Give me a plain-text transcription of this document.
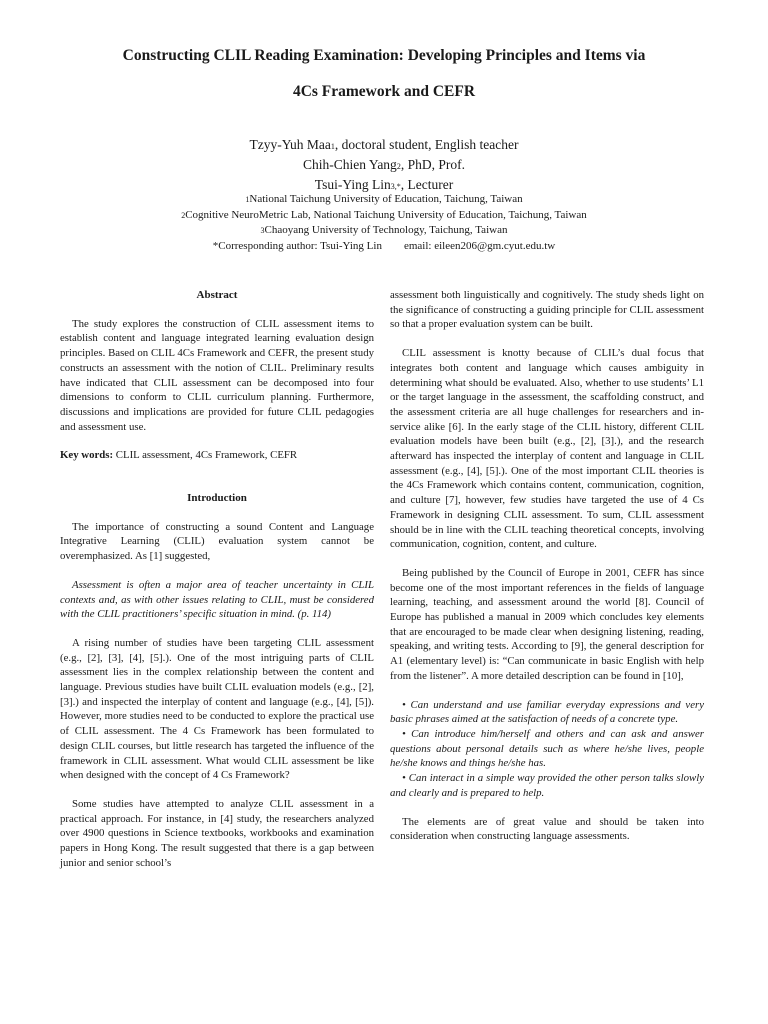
Constructing CLIL Reading Examination: Developing Principles and Items via
4Cs Framework and CEFR
Tzyy-Yuh Maa1, doctoral student, English teacher
Chih-Chien Yang2, PhD, Prof.
Tsui-Ying Lin3,*, Lecturer
1National Taichung University of Education, Taichung, Taiwan
2Cognitive NeuroMetric Lab, National Taichung University of Education, Taichung, Taiwan
3Chaoyang University of Technology, Taichung, Taiwan
*Corresponding author: Tsui-Ying Lin email: eileen206@gm.cyut.edu.tw
Abstract
The study explores the construction of CLIL assessment items to establish content and language integrated learning evaluation design principles. Based on CLIL 4Cs Framework and CEFR, the present study constructs an assessment with the notion of CLIL. Preliminary results have indicated that CLIL assessment can be decomposed into four dimensions to conform to CLIL curriculum planning. Furthermore, discussions and implications are provided for future CLIL pedagogies and assessment use.
Key words: CLIL assessment, 4Cs Framework, CEFR
Introduction
The importance of constructing a sound Content and Language Integrative Learning (CLIL) evaluation system cannot be overemphasized. As [1] suggested,
Assessment is often a major area of teacher uncertainty in CLIL contexts and, as with other issues relating to CLIL, must be considered with the CLIL practitioners’ specific situation in mind. (p. 114)
A rising number of studies have been targeting CLIL assessment (e.g., [2], [3], [4], [5].). One of the most intriguing parts of CLIL assessment lies in the complex relationship between the content and language. Previous studies have built CLIL evaluation models (e.g., [2], [3].) and inspected the interplay of content and language (e.g., [4], [5]). However, more studies need to be conducted to explore the practical use of CLIL assessment. The 4 Cs Framework has been formulated to design CLIL courses, but little research has targeted the influence of the framework in CLIL assessment. What would CLIL assessment be like when designed with the concept of 4 Cs Framework?
Some studies have attempted to analyze CLIL assessment in a practical approach. For instance, in [4] study, the researchers analyzed over 4900 questions in Science textbooks, workbooks and examination papers in Hong Kong. The result suggested that there is a gap between junior and senior school’s
assessment both linguistically and cognitively. The study sheds light on the significance of constructing a guiding principle for CLIL assessment so that a proper evaluation system can be built.
CLIL assessment is knotty because of CLIL’s dual focus that integrates both content and language which causes ambiguity in determining what should be evaluated. Also, whether to use students’ L1 or the target language in the assessment, the scaffolding construct, and the assessment criteria are all huge challenges for researchers and in-service alike [6]. In the early stage of the CLIL history, different CLIL evaluation models have been built (e.g., [2], [3].), and the research afterward has inspected the interplay of content and language in CLIL assessment (e.g., [4], [5].). One of the most important CLIL theories is the 4Cs Framework which contains content, communication, cognition, and culture [7], however, few studies have targeted the use of 4 Cs Framework in designing CLIL assessment. To sum, CLIL assessment should be in line with the CLIL teaching theoretical concepts, involving communication, cognition, content, and culture.
Being published by the Council of Europe in 2001, CEFR has since become one of the most important references in the fields of language learning, teaching, and assessment around the world [8]. Council of Europe has published a manual in 2009 which concludes key elements that are encouraged to be made clear when designing listening, reading, speaking, and writing tests. According to [9], the general description for A1 (elementary level) is: “Can communicate in basic English with help from the listener”. A more detailed description can be found in [10],
• Can understand and use familiar everyday expressions and very basic phrases aimed at the satisfaction of needs of a concrete type.
• Can introduce him/herself and others and can ask and answer questions about personal details such as where he/she lives, people he/she knows and things he/she has.
• Can interact in a simple way provided the other person talks slowly and clearly and is prepared to help.
The elements are of great value and should be taken into consideration when constructing language assessments.
